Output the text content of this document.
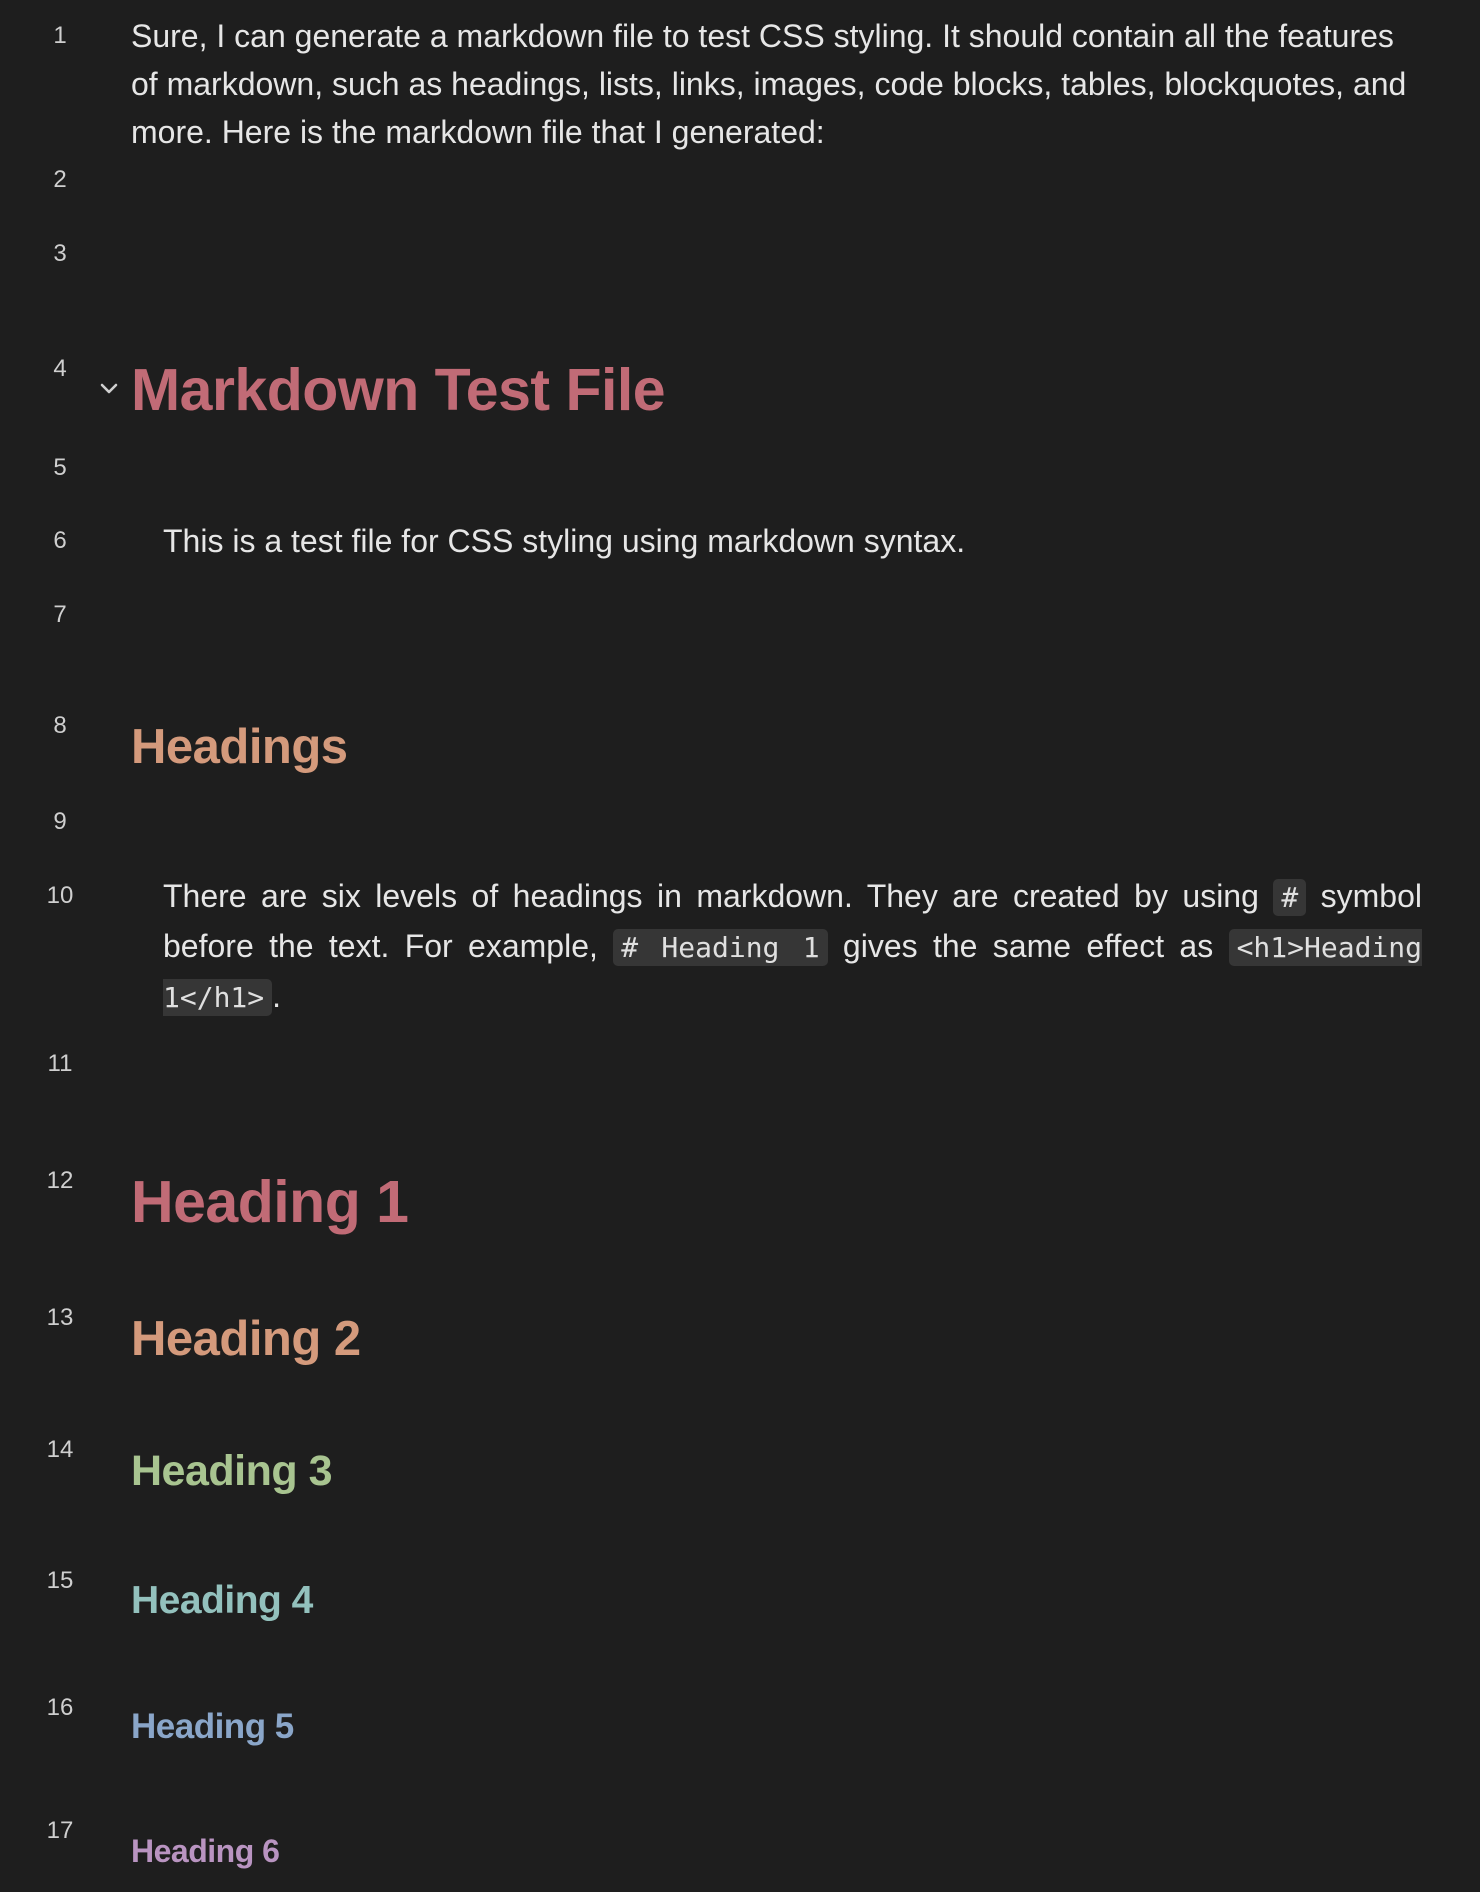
1	Sure, I can generate a markdown file to test CSS styling. It should contain all the features of markdown, such as headings, lists, links, images, code blocks, tables, blockquotes, and more. Here is the markdown file that I generated:
2
3
4 Markdown Test File
5
6	This is a test file for CSS styling using markdown syntax.
7
8 Headings
9
10	There are six levels of headings in markdown. They are created by using # symbol before the text. For example, # Heading 1 gives the same effect as <h1>Heading 1</h1> .
11
12 Heading 1
13 Heading 2
14 Heading 3
15 Heading 4
16 Heading 5
17
Heading 6
